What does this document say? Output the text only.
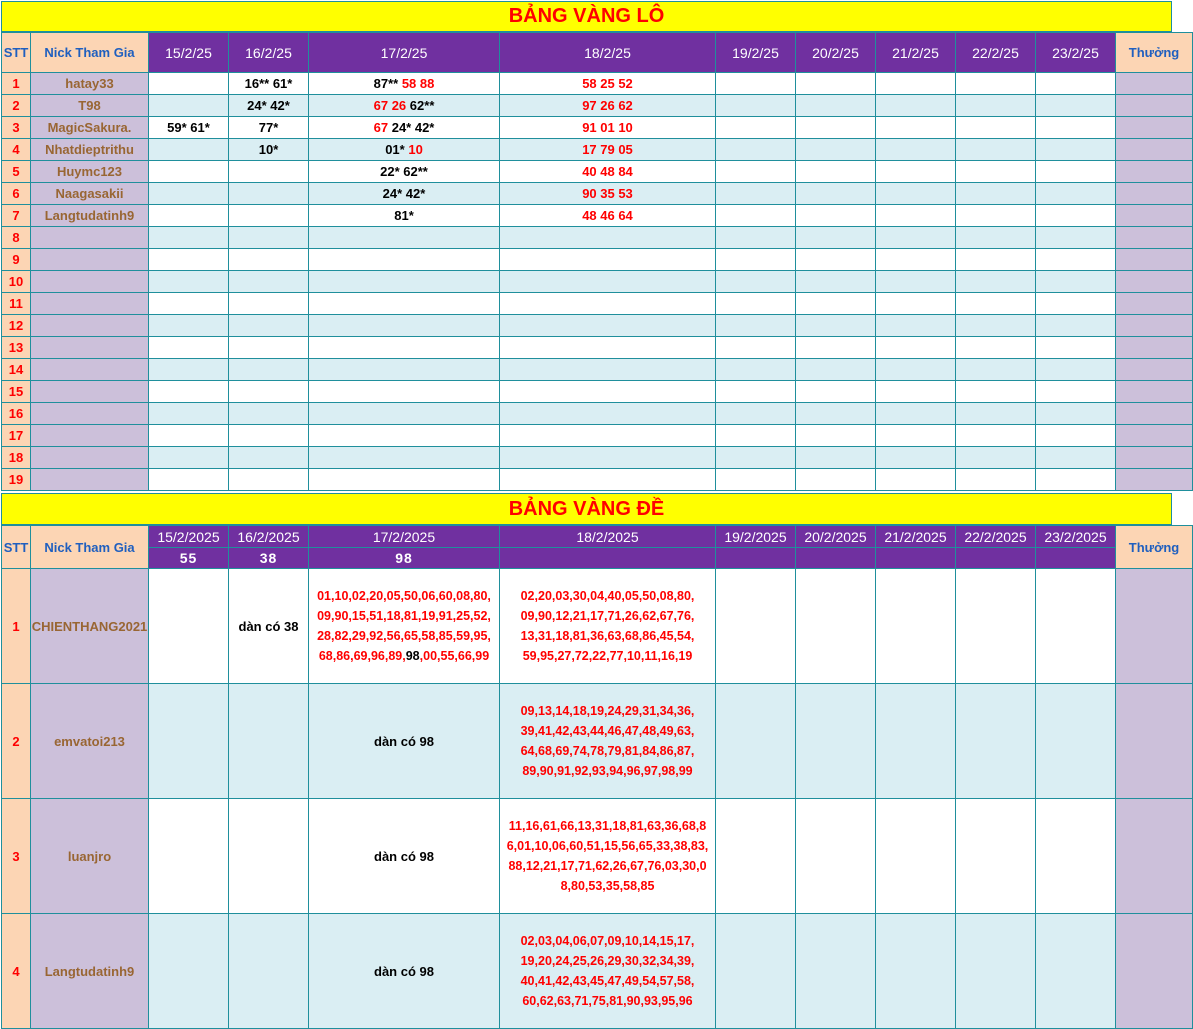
BẢNG VÀNG LÔ
STT	Nick Tham Gia	15/2/25	16/2/25	17/2/25	18/2/25	19/2/25	20/2/25	21/2/25	22/2/25	23/2/25	Thưởng
1	hatay33		16** 61*	87** 58 88	58 25 52						
2	T98		24* 42*	67 26 62**	97 26 62						
3	MagicSakura.	59* 61*	77*	67 24* 42*	91 01 10						
4	Nhatdieptrithu		10*	01* 10	17 79 05						
5	Huymc123			22* 62**	40 48 84						
6	Naagasakii			24* 42*	90 35 53						
7	Langtudatinh9			81*	48 46 64						
8											
9											
10											
11											
12											
13											
14											
15											
16											
17											
18											
19											
BẢNG VÀNG ĐỀ
STT	Nick Tham Gia	15/2/2025	16/2/2025	17/2/2025	18/2/2025	19/2/2025	20/2/2025	21/2/2025	22/2/2025	23/2/2025	Thưởng
		55	38	98							
1	CHIENTHANG2021		dàn có 38	01,10,02,20,05,50,06,60,08,80,
09,90,15,51,18,81,19,91,25,52,
28,82,29,92,56,65,58,85,59,95,
68,86,69,96,89,98,00,55,66,99	02,20,03,30,04,40,05,50,08,80,
09,90,12,21,17,71,26,62,67,76,
13,31,18,81,36,63,68,86,45,54,
59,95,27,72,22,77,10,11,16,19						
2	emvatoi213			dàn có 98	09,13,14,18,19,24,29,31,34,36,
39,41,42,43,44,46,47,48,49,63,
64,68,69,74,78,79,81,84,86,87,
89,90,91,92,93,94,96,97,98,99						
3	luanjro			dàn có 98	11,16,61,66,13,31,18,81,63,36,68,8
6,01,10,06,60,51,15,56,65,33,38,83,
88,12,21,17,71,62,26,67,76,03,30,0
8,80,53,35,58,85						
4	Langtudatinh9			dàn có 98	02,03,04,06,07,09,10,14,15,17,
19,20,24,25,26,29,30,32,34,39,
40,41,42,43,45,47,49,54,57,58,
60,62,63,71,75,81,90,93,95,96						
